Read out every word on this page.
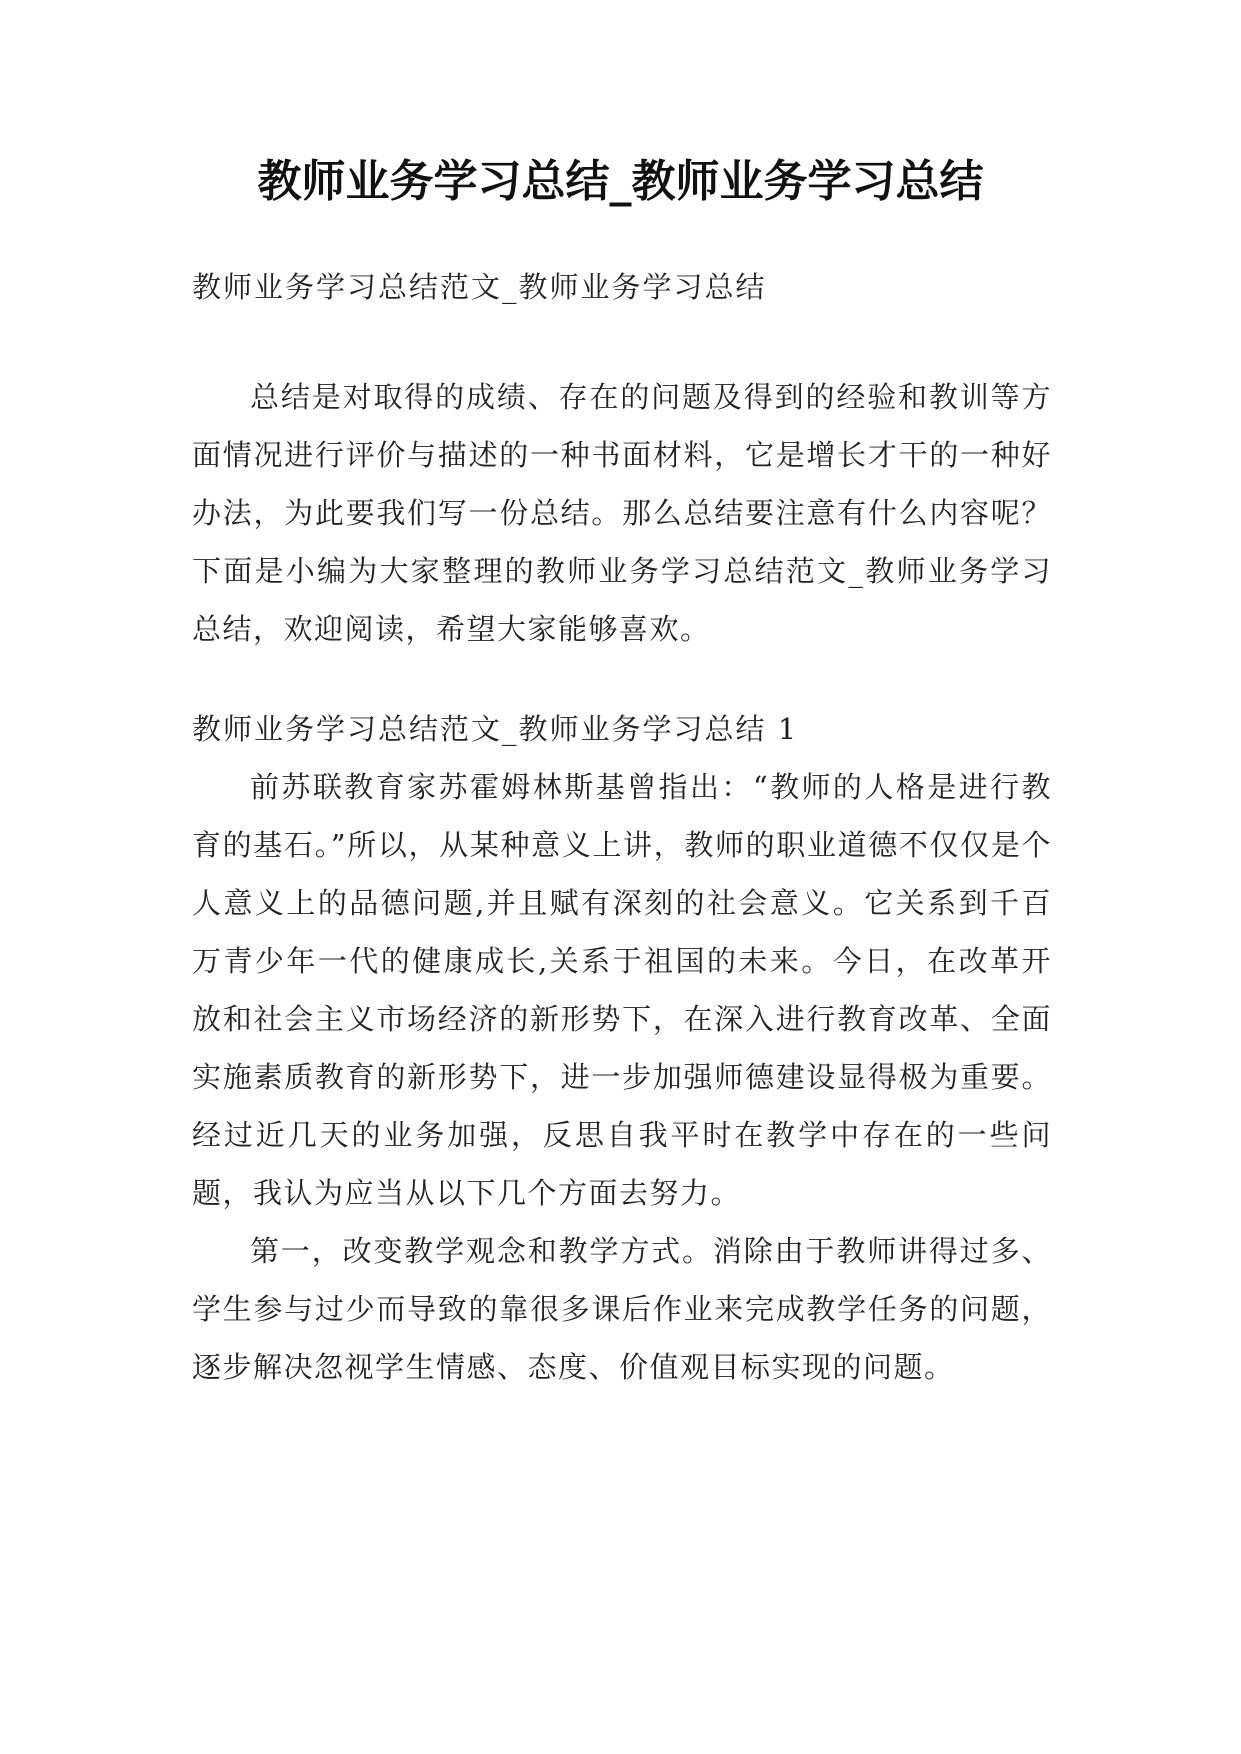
教师业务学习总结_教师业务学习总结

教师业务学习总结范文_教师业务学习总结

总结是对取得的成绩、存在的问题及得到的经验和教训等方面情况进行评价与描述的一种书面材料，它是增长才干的一种好办法，为此要我们写一份总结。那么总结要注意有什么内容呢？下面是小编为大家整理的教师业务学习总结范文_教师业务学习总结，欢迎阅读，希望大家能够喜欢。

教师业务学习总结范文_教师业务学习总结 1

前苏联教育家苏霍姆林斯基曾指出：“教师的人格是进行教育的基石。”所以，从某种意义上讲，教师的职业道德不仅仅是个人意义上的品德问题,并且赋有深刻的社会意义。它关系到千百万青少年一代的健康成长,关系于祖国的未来。今日，在改革开放和社会主义市场经济的新形势下，在深入进行教育改革、全面实施素质教育的新形势下，进一步加强师德建设显得极为重要。经过近几天的业务加强，反思自我平时在教学中存在的一些问题，我认为应当从以下几个方面去努力。

第一，改变教学观念和教学方式。消除由于教师讲得过多、学生参与过少而导致的靠很多课后作业来完成教学任务的问题，逐步解决忽视学生情感、态度、价值观目标实现的问题。
